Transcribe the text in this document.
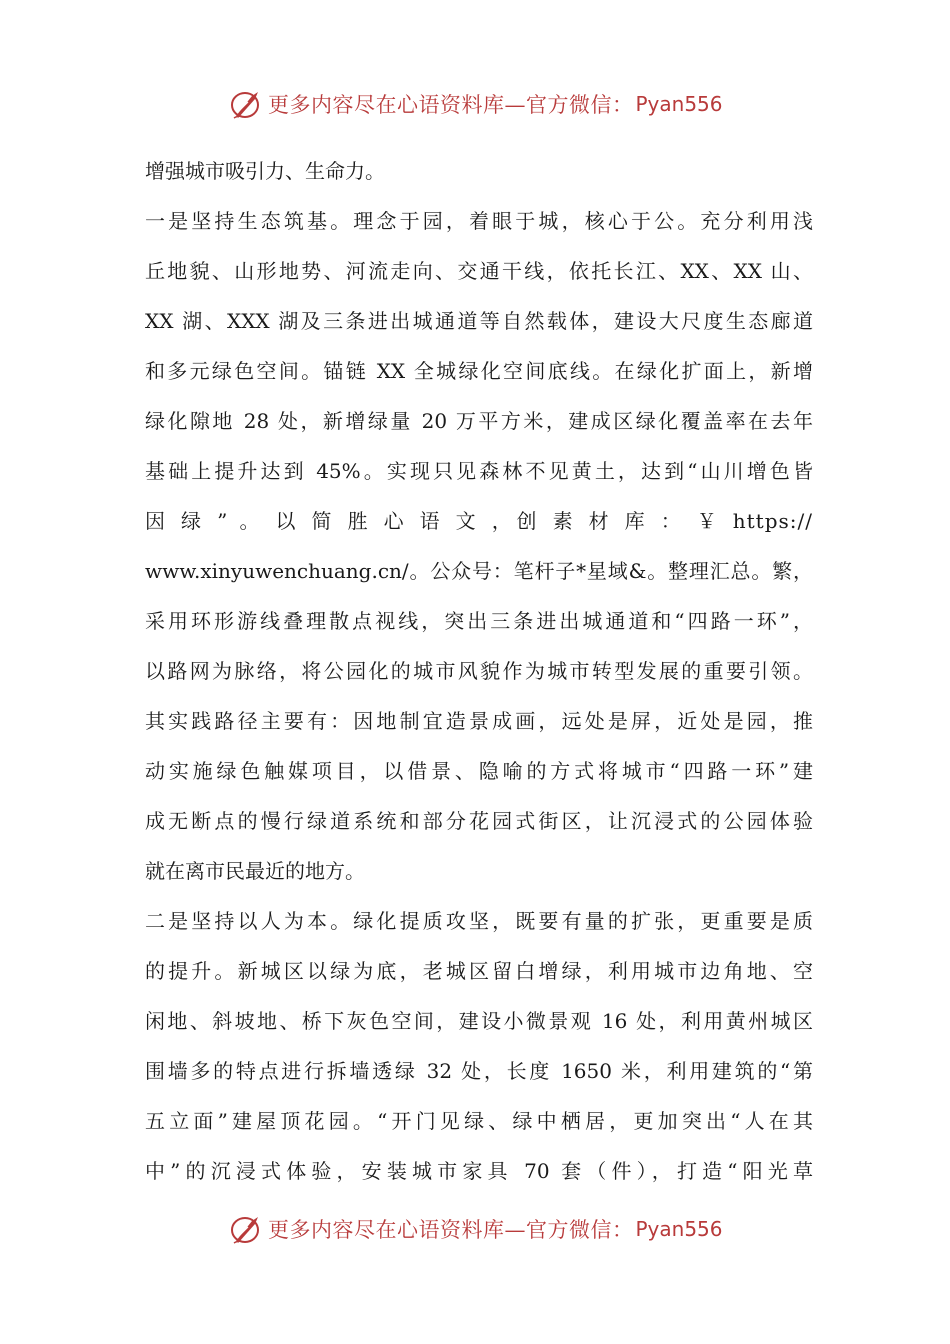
更多内容尽在心语资料库—官方微信： Pyan556
增强城市吸引力、生命力。
一是坚持生态筑基。理念于园，着眼于城，核心于公。充分利用浅
丘地貌、山形地势、河流走向、交通干线，依托长江、XX、XX 山、
XX 湖、XXX 湖及三条进出城通道等自然载体，建设大尺度生态廊道
和多元绿色空间。锚链 XX 全城绿化空间底线。在绿化扩面上，新增
绿化隙地 28 处，新增绿量 20 万平方米，建成区绿化覆盖率在去年
基础上提升达到 45%。实现只见森林不见黄土，达到“山川增色皆
因 绿 ” 。 以 简 胜 心 语 文 ，创 素 材 库 ： ￥ https://
www.xinyuwenchuang.cn/。公众号：笔杆子*星域&。整理汇总。繁，
采用环形游线叠理散点视线，突出三条进出城通道和“四路一环”，
以路网为脉络，将公园化的城市风貌作为城市转型发展的重要引领。
其实践路径主要有：因地制宜造景成画，远处是屏，近处是园，推
动实施绿色触媒项目，以借景、隐喻的方式将城市“四路一环”建
成无断点的慢行绿道系统和部分花园式街区，让沉浸式的公园体验
就在离市民最近的地方。
二是坚持以人为本。绿化提质攻坚，既要有量的扩张，更重要是质
的提升。新城区以绿为底，老城区留白增绿，利用城市边角地、空
闲地、斜坡地、桥下灰色空间，建设小微景观 16 处，利用黄州城区
围墙多的特点进行拆墙透绿 32 处，长度 1650 米，利用建筑的“第
五立面”建屋顶花园。“开门见绿、绿中栖居，更加突出“人在其
中”的沉浸式体验，安装城市家具 70 套（件），打造“阳光草
更多内容尽在心语资料库—官方微信： Pyan556
